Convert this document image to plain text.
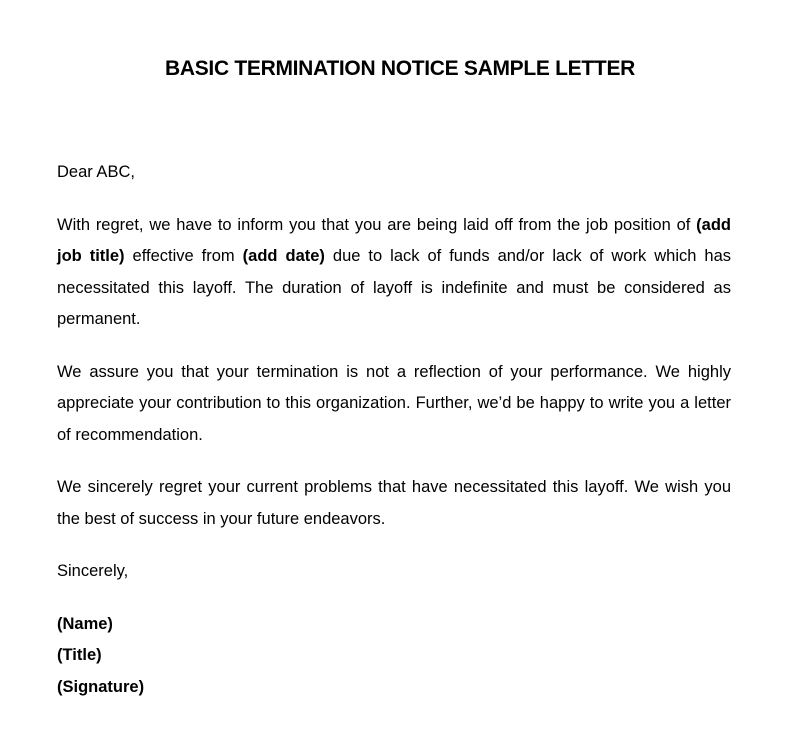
BASIC TERMINATION NOTICE SAMPLE LETTER

Dear ABC,

With regret, we have to inform you that you are being laid off from the job position of (add job title) effective from (add date) due to lack of funds and/or lack of work which has necessitated this layoff. The duration of layoff is indefinite and must be considered as permanent.

We assure you that your termination is not a reflection of your performance. We highly appreciate your contribution to this organization. Further, we’d be happy to write you a letter of recommendation.

We sincerely regret your current problems that have necessitated this layoff. We wish you the best of success in your future endeavors.

Sincerely,

(Name)

(Title)

(Signature)
